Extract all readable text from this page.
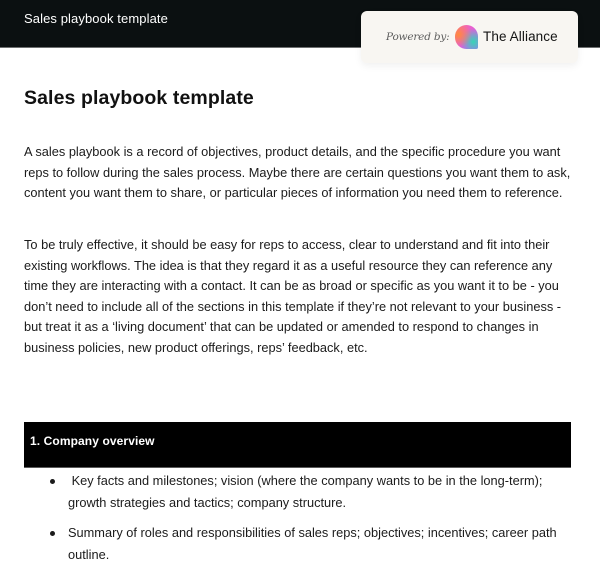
Sales playbook template
Powered by: The Alliance
Sales playbook template

A sales playbook is a record of objectives, product details, and the specific procedure you want reps to follow during the sales process. Maybe there are certain questions you want them to ask, content you want them to share, or particular pieces of information you need them to reference.

To be truly effective, it should be easy for reps to access, clear to understand and fit into their existing workflows. The idea is that they regard it as a useful resource they can reference any time they are interacting with a contact. It can be as broad or specific as you want it to be - you don’t need to include all of the sections in this template if they’re not relevant to your business - but treat it as a ‘living document’ that can be updated or amended to respond to changes in business policies, new product offerings, reps’ feedback, etc.

1. Company overview
Key facts and milestones; vision (where the company wants to be in the long-term); growth strategies and tactics; company structure.
Summary of roles and responsibilities of sales reps; objectives; incentives; career path outline.
